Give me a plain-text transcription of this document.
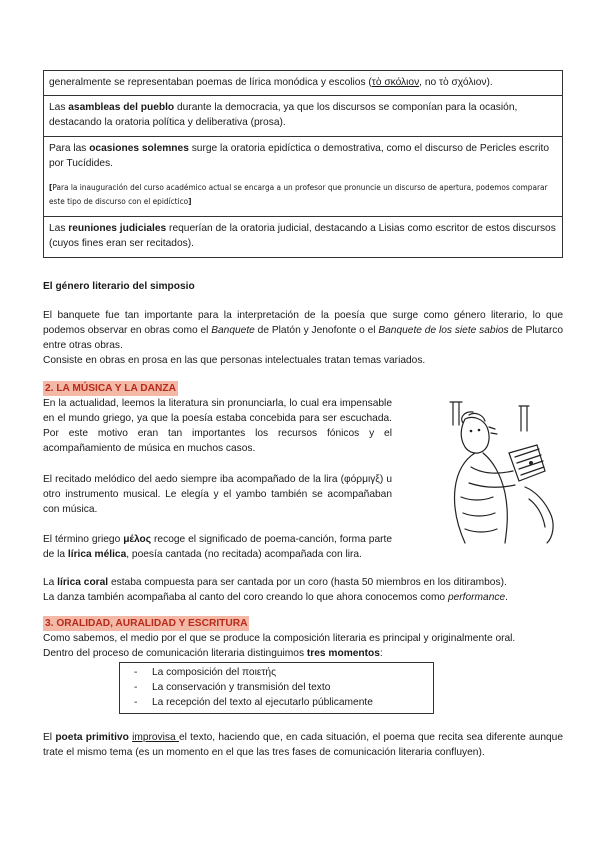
generalmente se representaban poemas de lírica monódica y escolios (τὸ σκόλιον, no τὸ σχόλιον).
Las asambleas del pueblo durante la democracia, ya que los discursos se componían para la ocasión, destacando la oratoria política y deliberativa (prosa).
Para las ocasiones solemnes surge la oratoria epidíctica o demostrativa, como el discurso de Pericles escrito por Tucídides.
[Para la inauguración del curso académico actual se encarga a un profesor que pronuncie un discurso de apertura, podemos comparar este tipo de discurso con el epidíctico]

Las reuniones judiciales requerían de la oratoria judicial, destacando a Lisias como escritor de estos discursos (cuyos fines eran ser recitados).
El género literario del simposio

El banquete fue tan importante para la interpretación de la poesía que surge como género literario, lo que podemos observar en obras como el Banquete de Platón y Jenofonte o el Banquete de los siete sabios de Plutarco entre otras obras.

Consiste en obras en prosa en las que personas intelectuales tratan temas variados.

2. LA MÚSICA Y LA DANZA

En la actualidad, leemos la literatura sin pronunciarla, lo cual era impensable en el mundo griego, ya que la poesía estaba concebida para ser escuchada. Por este motivo eran tan importantes los recursos fónicos y el acompañamiento de música en muchos casos.

El recitado melódico del aedo siempre iba acompañado de la lira (φόρμιγξ) u otro instrumento musical. Le elegía y el yambo también se acompañaban con música.

El término griego μέλος recoge el significado de poema-canción, forma parte de la lírica mélica, poesía cantada (no recitada) acompañada con lira.

La lírica coral estaba compuesta para ser cantada por un coro (hasta 50 miembros en los ditirambos).

La danza también acompañaba al canto del coro creando lo que ahora conocemos como performance.

3. ORALIDAD, AURALIDAD Y ESCRITURA

Como sabemos, el medio por el que se produce la composición literaria es principal y originalmente oral.

Dentro del proceso de comunicación literaria distinguimos tres momentos:

- La composición del ποιετής
- La conservación y transmisión del texto
- La recepción del texto al ejecutarlo públicamente

El poeta primitivo improvisa el texto, haciendo que, en cada situación, el poema que recita sea diferente aunque trate el mismo tema (es un momento en el que las tres fases de comunicación literaria confluyen).
